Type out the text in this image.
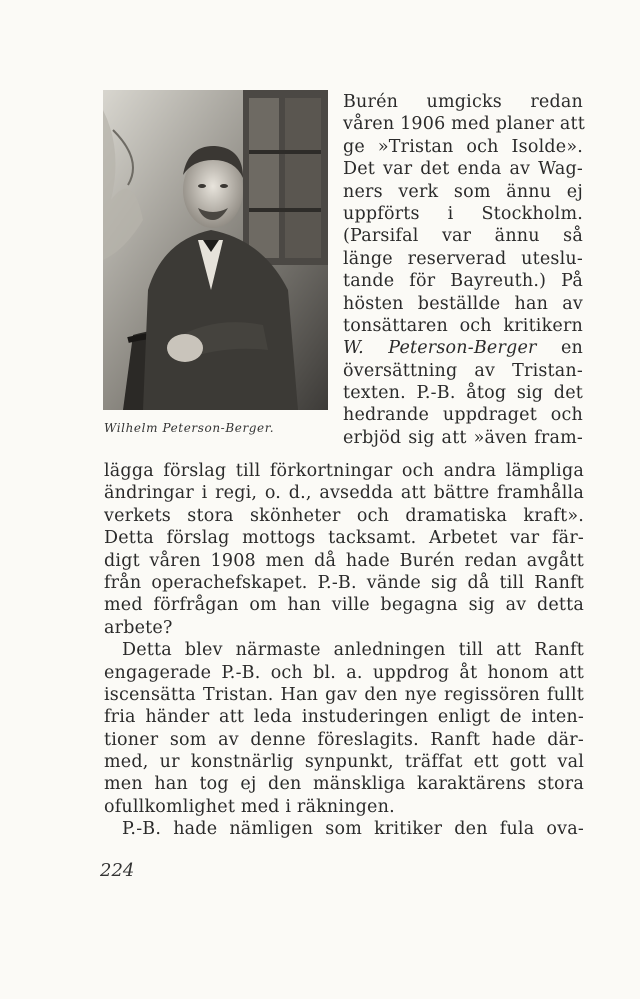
Wilhelm Peterson-Berger.
Burén umgicks redan
våren 1906 med planer att
ge »Tristan och Isolde».
Det var det enda av Wag-
ners verk som ännu ej
uppförts i Stockholm.
(Parsifal var ännu så
länge reserverad uteslu-
tande för Bayreuth.) På
hösten beställde han av
tonsättaren och kritikern
W. Peterson-Berger en
översättning av Tristan-
texten. P.-B. åtog sig det
hedrande uppdraget och
erbjöd sig att »även fram-
lägga förslag till förkortningar och andra lämpliga
ändringar i regi, o. d., avsedda att bättre framhålla
verkets stora skönheter och dramatiska kraft».
Detta förslag mottogs tacksamt. Arbetet var fär-
digt våren 1908 men då hade Burén redan avgått
från operachefskapet. P.-B. vände sig då till Ranft
med förfrågan om han ville begagna sig av detta
arbete?
Detta blev närmaste anledningen till att Ranft
engagerade P.-B. och bl. a. uppdrog åt honom att
iscensätta Tristan. Han gav den nye regissören fullt
fria händer att leda instuderingen enligt de inten-
tioner som av denne föreslagits. Ranft hade där-
med, ur konstnärlig synpunkt, träffat ett gott val
men han tog ej den mänskliga karaktärens stora
ofullkomlighet med i räkningen.
P.-B. hade nämligen som kritiker den fula ova-
224
